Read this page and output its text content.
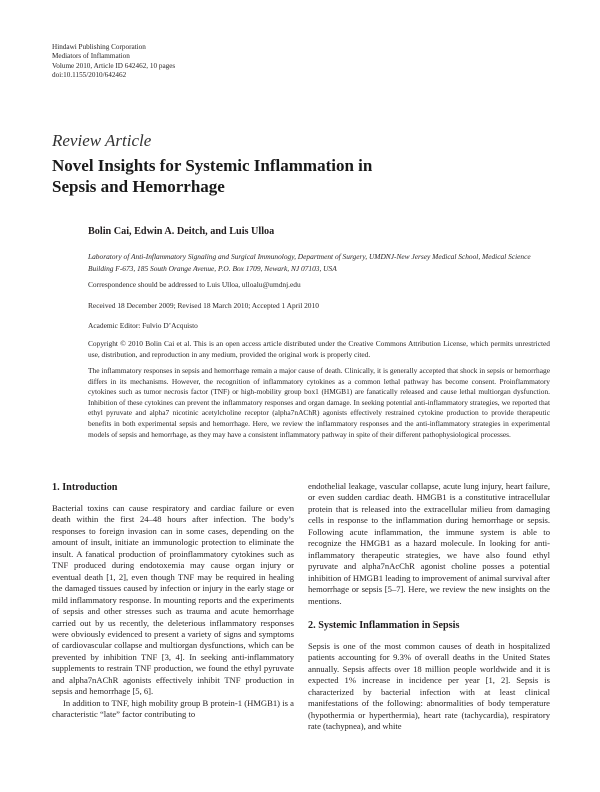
Hindawi Publishing Corporation
Mediators of Inflammation
Volume 2010, Article ID 642462, 10 pages
doi:10.1155/2010/642462
Review Article
Novel Insights for Systemic Inflammation in
Sepsis and Hemorrhage
Bolin Cai, Edwin A. Deitch, and Luis Ulloa
Laboratory of Anti-Inflammatory Signaling and Surgical Immunology, Department of Surgery, UMDNJ-New Jersey Medical School, Medical Science Building F-673, 185 South Orange Avenue, P.O. Box 1709, Newark, NJ 07103, USA
Correspondence should be addressed to Luis Ulloa, ulloalu@umdnj.edu
Received 18 December 2009; Revised 18 March 2010; Accepted 1 April 2010
Academic Editor: Fulvio D’Acquisto
Copyright © 2010 Bolin Cai et al. This is an open access article distributed under the Creative Commons Attribution License, which permits unrestricted use, distribution, and reproduction in any medium, provided the original work is properly cited.
The inflammatory responses in sepsis and hemorrhage remain a major cause of death. Clinically, it is generally accepted that shock in sepsis or hemorrhage differs in its mechanisms. However, the recognition of inflammatory cytokines as a common lethal pathway has become consent. Proinflammatory cytokines such as tumor necrosis factor (TNF) or high-mobility group box1 (HMGB1) are fanatically released and cause lethal multiorgan dysfunction. Inhibition of these cytokines can prevent the inflammatory responses and organ damage. In seeking potential anti-inflammatory strategies, we reported that ethyl pyruvate and alpha7 nicotinic acetylcholine receptor (alpha7nAChR) agonists effectively restrained cytokine production to provide therapeutic benefits in both experimental sepsis and hemorrhage. Here, we review the inflammatory responses and the anti-inflammatory strategies in experimental models of sepsis and hemorrhage, as they may have a consistent inflammatory pathway in spite of their different pathophysiological processes.
1. Introduction

Bacterial toxins can cause respiratory and cardiac failure or even death within the first 24–48 hours after infection. The body’s responses to foreign invasion can in some cases, depending on the amount of insult, initiate an immunologic protection to eliminate the insult. A fanatical production of proinflammatory cytokines such as TNF produced during endotoxemia may cause organ injury or eventual death [1, 2], even though TNF may be required in healing the damaged tissues caused by infection or injury in the early stage or mild inflammatory response. In mounting reports and the experiments of sepsis and other stresses such as trauma and acute hemorrhage carried out by us recently, the deleterious inflammatory responses were obviously evidenced to present a variety of signs and symptoms of cardiovascular collapse and multiorgan dysfunctions, which can be prevented by inhibition TNF [3, 4]. In seeking anti-inflammatory supplements to restrain TNF production, we found the ethyl pyruvate and alpha7nAChR agonists effectively inhibit TNF production in sepsis and hemorrhage [5, 6].

In addition to TNF, high mobility group B protein-1 (HMGB1) is a characteristic “late” factor contributing to

endothelial leakage, vascular collapse, acute lung injury, heart failure, or even sudden cardiac death. HMGB1 is a constitutive intracellular protein that is released into the extracellular milieu from damaging cells in response to the inflammation during hemorrhage or sepsis. Following acute inflammation, the immune system is able to recognize the HMGB1 as a hazard molecule. In looking for anti-inflammatory therapeutic strategies, we have also found ethyl pyruvate and alpha7nAcChR agonist choline posses a potential inhibition of HMGB1 leading to improvement of animal survival after hemorrhage or sepsis [5–7]. Here, we review the new insights on the mentions.

2. Systemic Inflammation in Sepsis

Sepsis is one of the most common causes of death in hospitalized patients accounting for 9.3% of overall deaths in the United States annually. Sepsis affects over 18 million people worldwide and it is expected 1% increase in incidence per year [1, 2]. Sepsis is characterized by bacterial infection with at least clinical manifestations of the following: abnormalities of body temperature (hypothermia or hyperthermia), heart rate (tachycardia), respiratory rate (tachypnea), and white
